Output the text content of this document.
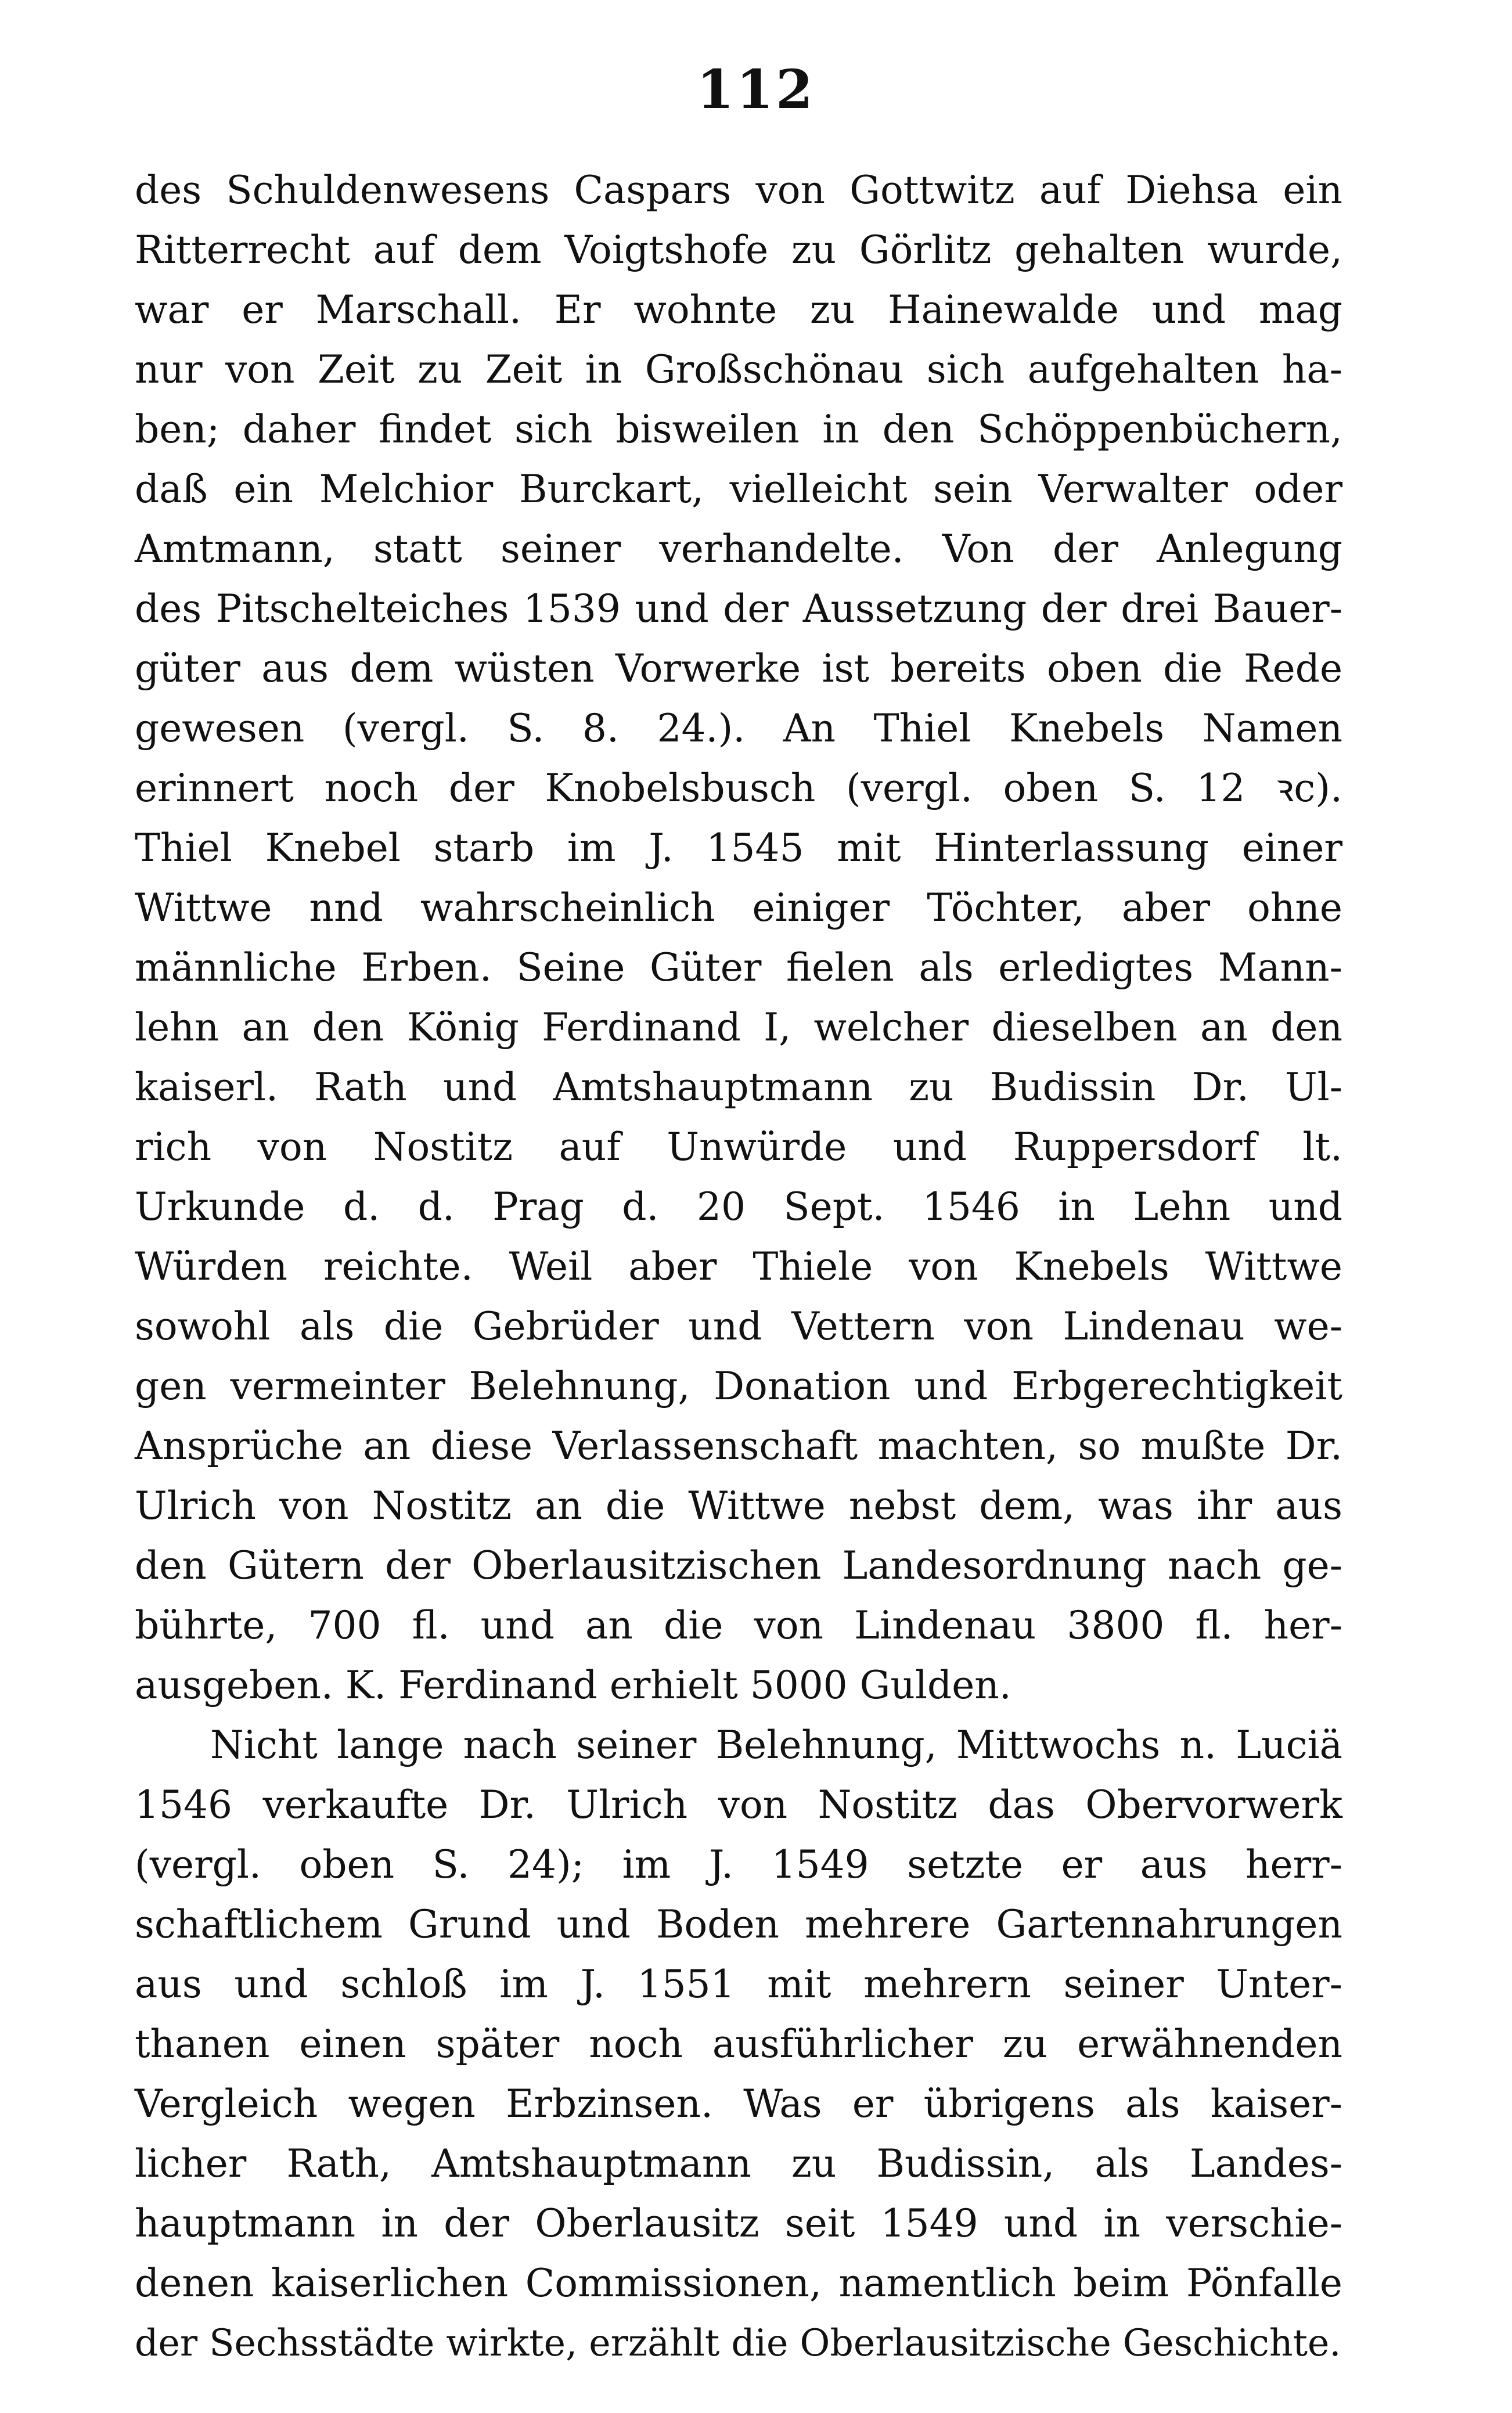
112
des Schuldenwesens Caspars von Gottwitz auf Diehsa ein
Ritterrecht auf dem Voigtshofe zu Görlitz gehalten wurde,
war er Marschall. Er wohnte zu Hainewalde und mag
nur von Zeit zu Zeit in Großschönau sich aufgehalten ha-
ben; daher findet sich bisweilen in den Schöppenbüchern,
daß ein Melchior Burckart, vielleicht sein Verwalter oder
Amtmann, statt seiner verhandelte. Von der Anlegung
des Pitschelteiches 1539 und der Aussetzung der drei Bauer-
güter aus dem wüsten Vorwerke ist bereits oben die Rede
gewesen (vergl. S. 8. 24.). An Thiel Knebels Namen
erinnert noch der Knobelsbusch (vergl. oben S. 12 ꝛc).
Thiel Knebel starb im J. 1545 mit Hinterlassung einer
Wittwe nnd wahrscheinlich einiger Töchter, aber ohne
männliche Erben. Seine Güter fielen als erledigtes Mann-
lehn an den König Ferdinand I, welcher dieselben an den
kaiserl. Rath und Amtshauptmann zu Budissin Dr. Ul-
rich von Nostitz auf Unwürde und Ruppersdorf lt.
Urkunde d. d. Prag d. 20 Sept. 1546 in Lehn und
Würden reichte. Weil aber Thiele von Knebels Wittwe
sowohl als die Gebrüder und Vettern von Lindenau we-
gen vermeinter Belehnung, Donation und Erbgerechtigkeit
Ansprüche an diese Verlassenschaft machten, so mußte Dr.
Ulrich von Nostitz an die Wittwe nebst dem, was ihr aus
den Gütern der Oberlausitzischen Landesordnung nach ge-
bührte, 700 fl. und an die von Lindenau 3800 fl. her-
ausgeben. K. Ferdinand erhielt 5000 Gulden.
Nicht lange nach seiner Belehnung, Mittwochs n. Luciä
1546 verkaufte Dr. Ulrich von Nostitz das Obervorwerk
(vergl. oben S. 24); im J. 1549 setzte er aus herr-
schaftlichem Grund und Boden mehrere Gartennahrungen
aus und schloß im J. 1551 mit mehrern seiner Unter-
thanen einen später noch ausführlicher zu erwähnenden
Vergleich wegen Erbzinsen. Was er übrigens als kaiser-
licher Rath, Amtshauptmann zu Budissin, als Landes-
hauptmann in der Oberlausitz seit 1549 und in verschie-
denen kaiserlichen Commissionen, namentlich beim Pönfalle
der Sechsstädte wirkte, erzählt die Oberlausitzische Geschichte.
